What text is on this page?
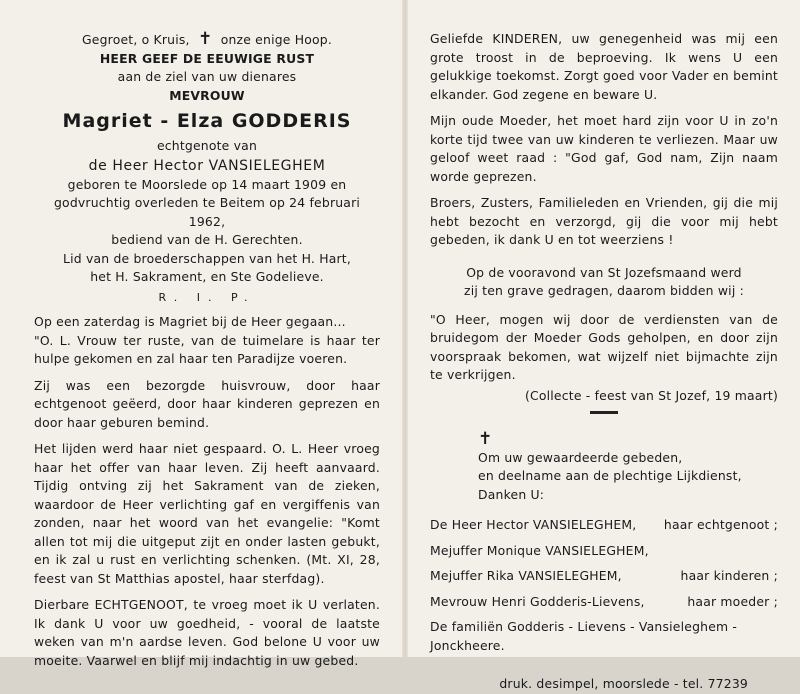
Gegroet, o Kruis, ✝ onze enige Hoop.
HEER GEEF DE EEUWIGE RUST
aan de ziel van uw dienares
MEVROUW
Magriet - Elza GODDERIS
echtgenote van
de Heer Hector VANSIELEGHEM
geboren te Moorslede op 14 maart 1909 en godvruchtig overleden te Beitem op 24 februari 1962,
bediend van de H. Gerechten.
Lid van de broederschappen van het H. Hart,
het H. Sakrament, en Ste Godelieve.
R. I. P.

Op een zaterdag is Magriet bij de Heer gegaan...
"O. L. Vrouw ter ruste, van de tuimelare is haar ter hulpe gekomen en zal haar ten Paradijze voeren.

Zij was een bezorgde huisvrouw, door haar echtgenoot geëerd, door haar kinderen geprezen en door haar geburen bemind.

Het lijden werd haar niet gespaard. O. L. Heer vroeg haar het offer van haar leven. Zij heeft aanvaard. Tijdig ontving zij het Sakrament van de zieken, waardoor de Heer verlichting gaf en vergiffenis van zonden, naar het woord van het evangelie: "Komt allen tot mij die uitgeput zijt en onder lasten gebukt, en ik zal u rust en verlichting schenken. (Mt. XI, 28, feest van St Matthias apostel, haar sterfdag).

Dierbare ECHTGENOOT, te vroeg moet ik U verlaten. Ik dank U voor uw goedheid, - vooral de laatste weken van m'n aardse leven. God belone U voor uw moeite. Vaarwel en blijf mij indachtig in uw gebed.

Geliefde KINDEREN, uw genegenheid was mij een grote troost in de beproeving. Ik wens U een gelukkige toekomst. Zorgt goed voor Vader en bemint elkander. God zegene en beware U.

Mijn oude Moeder, het moet hard zijn voor U in zo'n korte tijd twee van uw kinderen te verliezen. Maar uw geloof weet raad : "God gaf, God nam, Zijn naam worde geprezen.

Broers, Zusters, Familieleden en Vrienden, gij die mij hebt bezocht en verzorgd, gij die voor mij hebt gebeden, ik dank U en tot weerziens !

Op de vooravond van St Jozefsmaand werd
zij ten grave gedragen, daarom bidden wij :

"O Heer, mogen wij door de verdiensten van de bruidegom der Moeder Gods geholpen, en door zijn voorspraak bekomen, wat wijzelf niet bijmachte zijn te verkrijgen.

(Collecte - feest van St Jozef, 19 maart)
✝
Om uw gewaardeerde gebeden,
en deelname aan de plechtige Lijkdienst,
Danken U:
De Heer Hector VANSIELEGHEM, haar echtgenoot ;
Mejuffer Monique VANSIELEGHEM,
Mejuffer Rika VANSIELEGHEM,	haar kinderen ;
Mevrouw Henri Godderis-Lievens,	haar moeder ;
De familiën Godderis - Lievens - Vansieleghem - Jonckheere.
druk. desimpel, moorslede - tel. 77239
